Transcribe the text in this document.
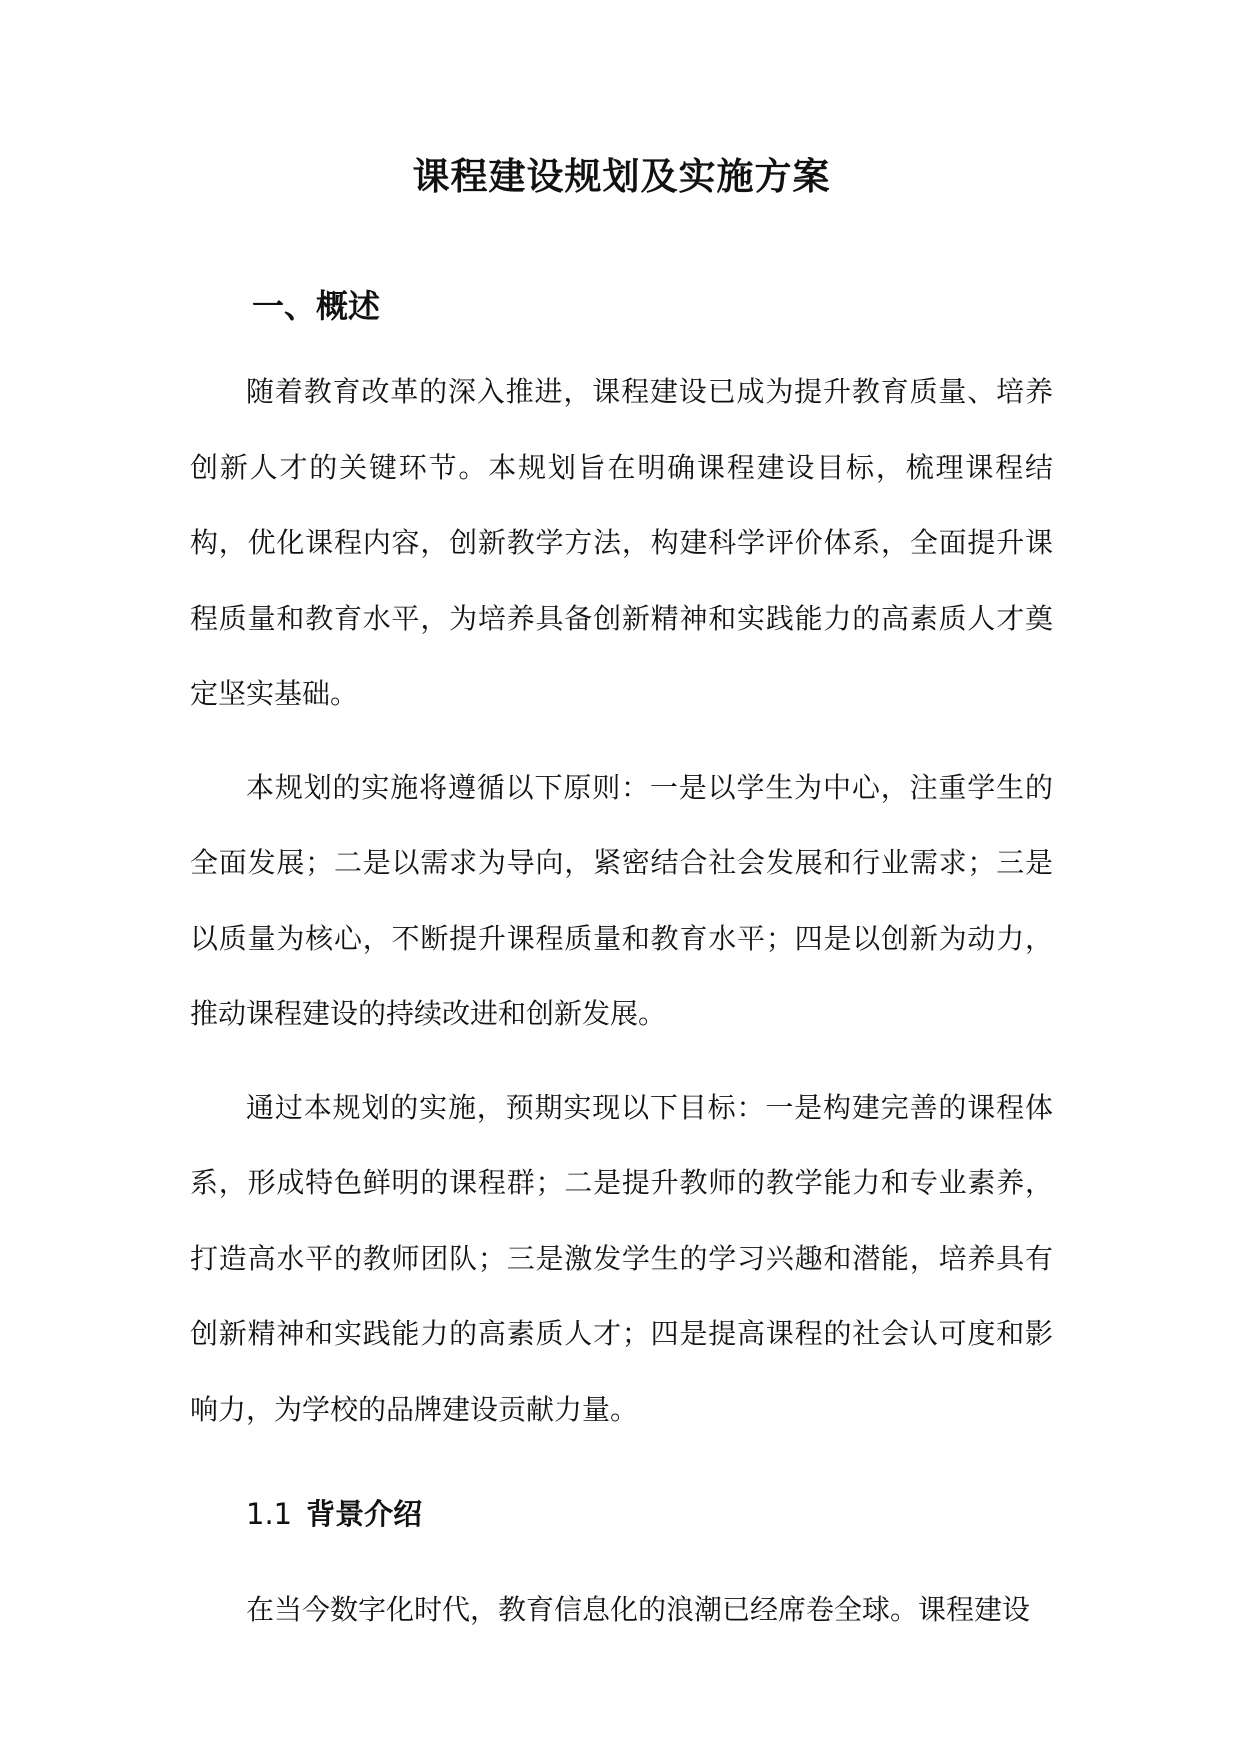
课程建设规划及实施方案
一、概述

随着教育改革的深入推进，课程建设已成为提升教育质量、培养创新人才的关键环节。本规划旨在明确课程建设目标，梳理课程结构，优化课程内容，创新教学方法，构建科学评价体系，全面提升课程质量和教育水平，为培养具备创新精神和实践能力的高素质人才奠定坚实基础。

本规划的实施将遵循以下原则：一是以学生为中心，注重学生的全面发展；二是以需求为导向，紧密结合社会发展和行业需求；三是以质量为核心，不断提升课程质量和教育水平；四是以创新为动力，推动课程建设的持续改进和创新发展。

通过本规划的实施，预期实现以下目标：一是构建完善的课程体系，形成特色鲜明的课程群；二是提升教师的教学能力和专业素养，打造高水平的教师团队；三是激发学生的学习兴趣和潜能，培养具有创新精神和实践能力的高素质人才；四是提高课程的社会认可度和影响力，为学校的品牌建设贡献力量。

1.1 背景介绍

在当今数字化时代，教育信息化的浪潮已经席卷全球。课程建设
